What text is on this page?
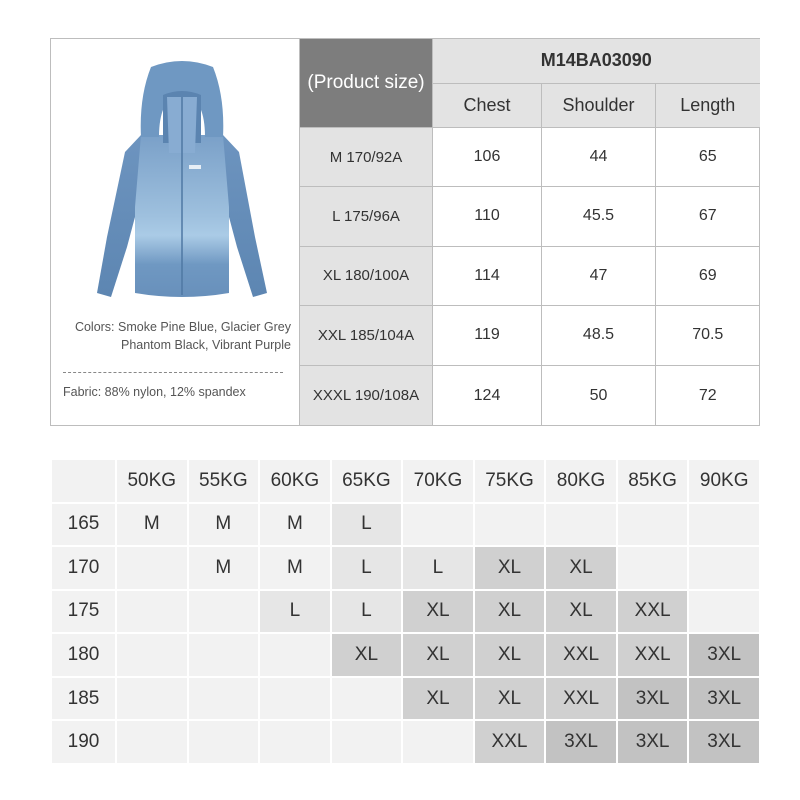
Colors: Smoke Pine Blue, Glacier Grey
Phantom Black, Vibrant Purple
Fabric: 88% nylon, 12% spandex
(Product size)	M14BA03090		
	Chest	Shoulder	Length
M 170/92A	106	44	65
L 175/96A	110	45.5	67
XL 180/100A	114	47	69
XXL 185/104A	119	48.5	70.5
XXXL 190/108A	124	50	72
	50KG	55KG	60KG	65KG	70KG	75KG	80KG	85KG	90KG
165	M	M	M	L					
170		M	M	L	L	XL	XL		
175			L	L	XL	XL	XL	XXL	
180				XL	XL	XL	XXL	XXL	3XL
185					XL	XL	XXL	3XL	3XL
190						XXL	3XL	3XL	3XL
